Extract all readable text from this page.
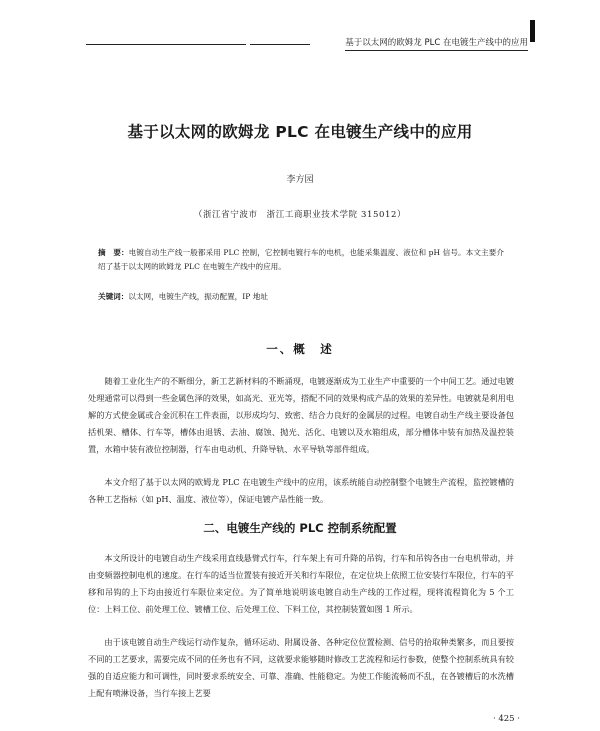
基于以太网的欧姆龙 PLC 在电镀生产线中的应用
基于以太网的欧姆龙 PLC 在电镀生产线中的应用
李方园
（浙江省宁波市　浙江工商职业技术学院 315012）
摘　要：电镀自动生产线一般都采用 PLC 控制，它控制电镀行车的电机，也能采集温度、液位和 pH 信号。本文主要介绍了基于以太网的欧姆龙 PLC 在电镀生产线中的应用。
关键词：以太网，电镀生产线，振动配置，IP 地址
一、概　述
随着工业化生产的不断细分，新工艺新材料的不断涌现，电镀逐渐成为工业生产中重要的一个中间工艺。通过电镀处理通常可以得到一些金属色泽的效果，如高光、亚光等，搭配不同的效果构成产品的效果的差异性。电镀就是利用电解的方式使金属或合金沉积在工件表面，以形成均匀、致密、结合力良好的金属层的过程。电镀自动生产线主要设备包括机架、槽体、行车等，槽体由退锈、去油、腐蚀、抛光、活化、电镀以及水箱组成，部分槽体中装有加热及温控装置，水箱中装有液位控制器，行车由电动机、升降导轨、水平导轨等部件组成。
本文介绍了基于以太网的欧姆龙 PLC 在电镀生产线中的应用，该系统能自动控制整个电镀生产流程，监控镀槽的各种工艺指标（如 pH、温度、液位等），保证电镀产品性能一致。
二、电镀生产线的 PLC 控制系统配置
本文所设计的电镀自动生产线采用直线悬臂式行车，行车架上有可升降的吊钩，行车和吊钩各由一台电机带动，并由变频器控制电机的速度。在行车的适当位置装有接近开关和行车限位，在定位块上依照工位安装行车限位，行车的平移和吊钩的上下均由接近行车限位来定位。为了简单地说明该电镀自动生产线的工作过程，现将流程简化为 5 个工位：上料工位、前处理工位、镀槽工位、后处理工位、下料工位，其控制装置如图 1 所示。
由于该电镀自动生产线运行动作复杂，循环运动、附属设备、各种定位位置检测、信号的拾取种类繁多，而且要按不同的工艺要求，需要完成不同的任务也有不同，这就要求能够随时修改工艺流程和运行参数，使整个控制系统具有较强的自适应能力和可调性，同时要求系统安全、可靠、准确、性能稳定。为使工作能流畅而不乱，在各镀槽后的水洗槽上配有喷淋设备，当行车接上艺要
· 425 ·
